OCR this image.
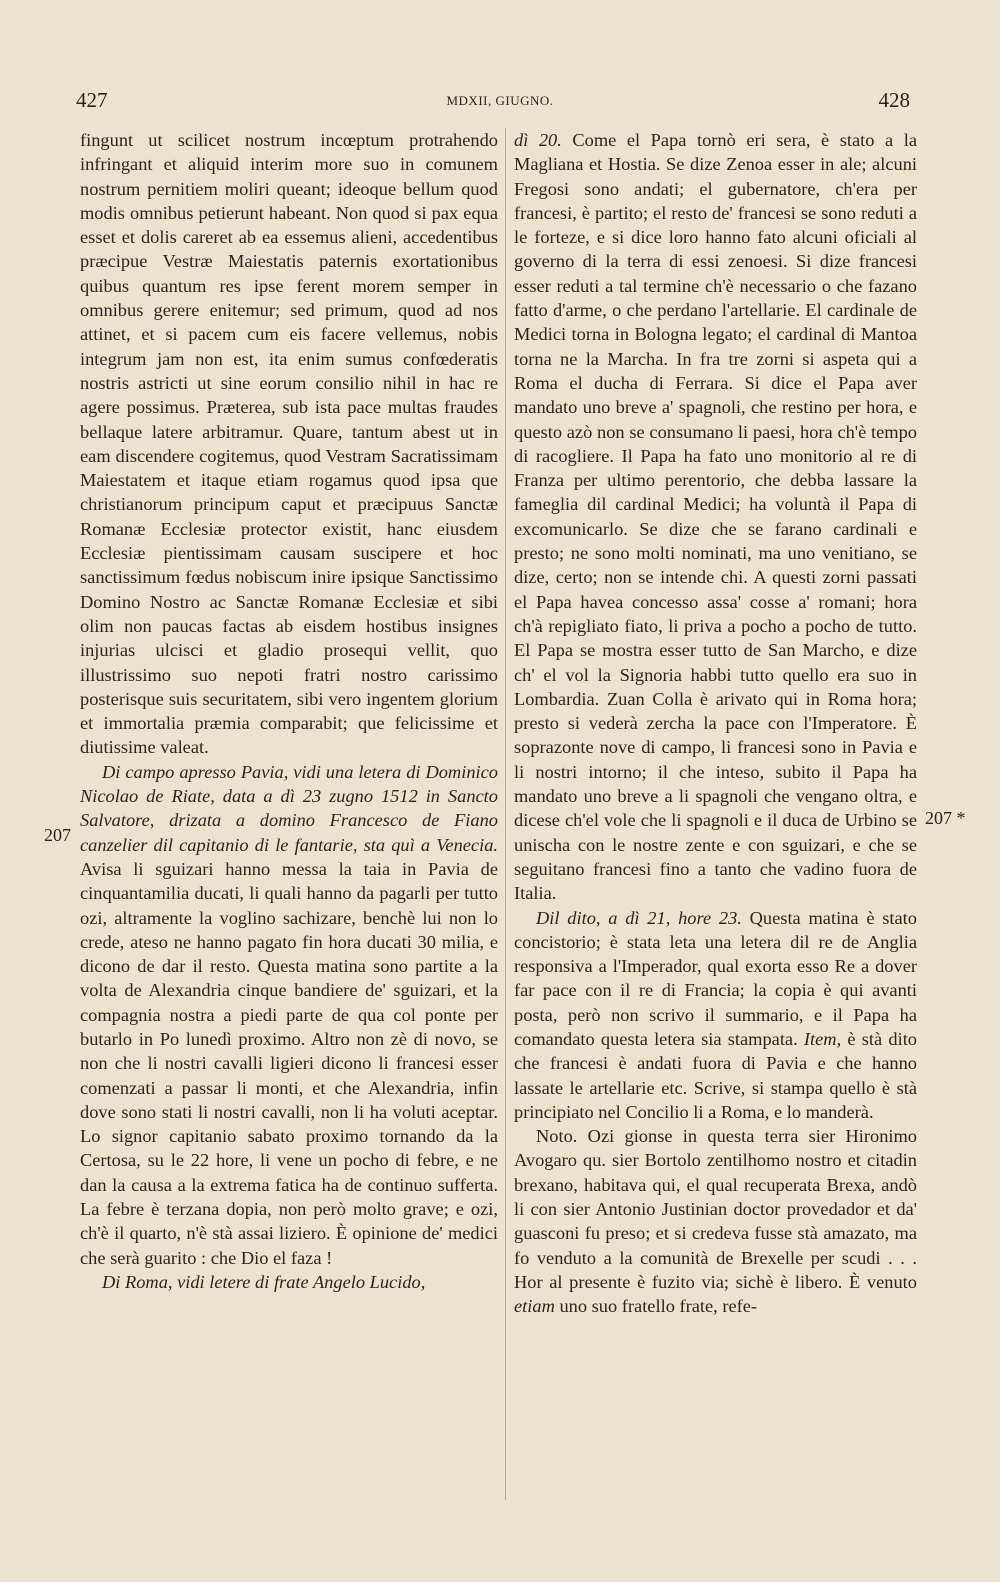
427	MDXII, GIUGNO.	428
207
207 *

fingunt ut scilicet nostrum incœptum protrahendo infringant et aliquid interim more suo in comunem nostrum pernitiem moliri queant; ideoque bellum quod modis omnibus petierunt habeant. Non quod si pax equa esset et dolis careret ab ea essemus alieni, accedentibus præcipue Vestræ Maiestatis paternis exortationibus quibus quantum res ipse ferent morem semper in omnibus gerere enitemur; sed primum, quod ad nos attinet, et si pacem cum eis facere vellemus, nobis integrum jam non est, ita enim sumus confœderatis nostris astricti ut sine eorum consilio nihil in hac re agere possimus. Præterea, sub ista pace multas fraudes bellaque latere arbitramur. Quare, tantum abest ut in eam discendere cogitemus, quod Vestram Sacratissimam Maiestatem et itaque etiam rogamus quod ipsa que christianorum principum caput et præcipuus Sanctæ Romanæ Ecclesiæ protector existit, hanc eiusdem Ecclesiæ pientissimam causam suscipere et hoc sanctissimum fœdus nobiscum inire ipsique Sanctissimo Domino Nostro ac Sanctæ Romanæ Ecclesiæ et sibi olim non paucas factas ab eisdem hostibus insignes injurias ulcisci et gladio prosequi vellit, quo illustrissimo suo nepoti fratri nostro carissimo posterisque suis securitatem, sibi vero ingentem glorium et immortalia præmia comparabit; que felicissime et diutissime valeat.

Di campo apresso Pavia, vidi una letera di Dominico Nicolao de Riate, data a dì 23 zugno 1512 in Sancto Salvatore, drizata a domino Francesco de Fiano canzelier dil capitanio di le fantarie, sta quì a Venecia. Avisa li sguizari hanno messa la taia in Pavia de cinquantamilia ducati, li quali hanno da pagarli per tutto ozi, altramente la voglino sachizare, benchè lui non lo crede, ateso ne hanno pagato fin hora ducati 30 milia, e dicono de dar il resto. Questa matina sono partite a la volta de Alexandria cinque bandiere de' sguizari, et la compagnia nostra a piedi parte de qua col ponte per butarlo in Po lunedì proximo. Altro non zè di novo, se non che li nostri cavalli ligieri dicono li francesi esser comenzati a passar li monti, et che Alexandria, infin dove sono stati li nostri cavalli, non li ha voluti aceptar. Lo signor capitanio sabato proximo tornando da la Certosa, su le 22 hore, li vene un pocho di febre, e ne dan la causa a la extrema fatica ha de continuo sufferta. La febre è terzana dopia, non però molto grave; e ozi, ch'è il quarto, n'è stà assai liziero. È opinione de' medici che serà guarito : che Dio el faza !

Di Roma, vidi letere di frate Angelo Lucido,

dì 20. Come el Papa tornò eri sera, è stato a la Magliana et Hostia. Se dize Zenoa esser in ale; alcuni Fregosi sono andati; el gubernatore, ch'era per francesi, è partito; el resto de' francesi se sono reduti a le forteze, e si dice loro hanno fato alcuni oficiali al governo di la terra di essi zenoesi. Si dize francesi esser reduti a tal termine ch'è necessario o che fazano fatto d'arme, o che perdano l'artellarie. El cardinale de Medici torna in Bologna legato; el cardinal di Mantoa torna ne la Marcha. In fra tre zorni si aspeta qui a Roma el ducha di Ferrara. Si dice el Papa aver mandato uno breve a' spagnoli, che restino per hora, e questo azò non se consumano li paesi, hora ch'è tempo di racogliere. Il Papa ha fato uno monitorio al re di Franza per ultimo perentorio, che debba lassare la fameglia dil cardinal Medici; ha voluntà il Papa di excomunicarlo. Se dize che se farano cardinali e presto; ne sono molti nominati, ma uno venitiano, se dize, certo; non se intende chi. A questi zorni passati el Papa havea concesso assa' cosse a' romani; hora ch'à repigliato fiato, li priva a pocho a pocho de tutto. El Papa se mostra esser tutto de San Marcho, e dize ch' el vol la Signoria habbi tutto quello era suo in Lombardia. Zuan Colla è arivato qui in Roma hora; presto si vederà zercha la pace con l'Imperatore. È soprazonte nove di campo, li francesi sono in Pavia e li nostri intorno; il che inteso, subito il Papa ha mandato uno breve a li spagnoli che vengano oltra, e dicese ch'el vole che li spagnoli e il duca de Urbino se unischa con le nostre zente e con sguizari, e che se seguitano francesi fino a tanto che vadino fuora de Italia.

Dil dito, a dì 21, hore 23. Questa matina è stato concistorio; è stata leta una letera dil re de Anglia responsiva a l'Imperador, qual exorta esso Re a dover far pace con il re di Francia; la copia è qui avanti posta, però non scrivo il summario, e il Papa ha comandato questa letera sia stampata. Item, è stà dito che francesi è andati fuora di Pavia e che hanno lassate le artellarie etc. Scrive, si stampa quello è stà principiato nel Concilio li a Roma, e lo manderà.

Noto. Ozi gionse in questa terra sier Hironimo Avogaro qu. sier Bortolo zentilhomo nostro et citadin brexano, habitava qui, el qual recuperata Brexa, andò li con sier Antonio Justinian doctor provedador et da' guasconi fu preso; et si credeva fusse stà amazato, ma fo venduto a la comunità de Brexelle per scudi . . . Hor al presente è fuzito via; sichè è libero. È venuto etiam uno suo fratello frate, refe-
